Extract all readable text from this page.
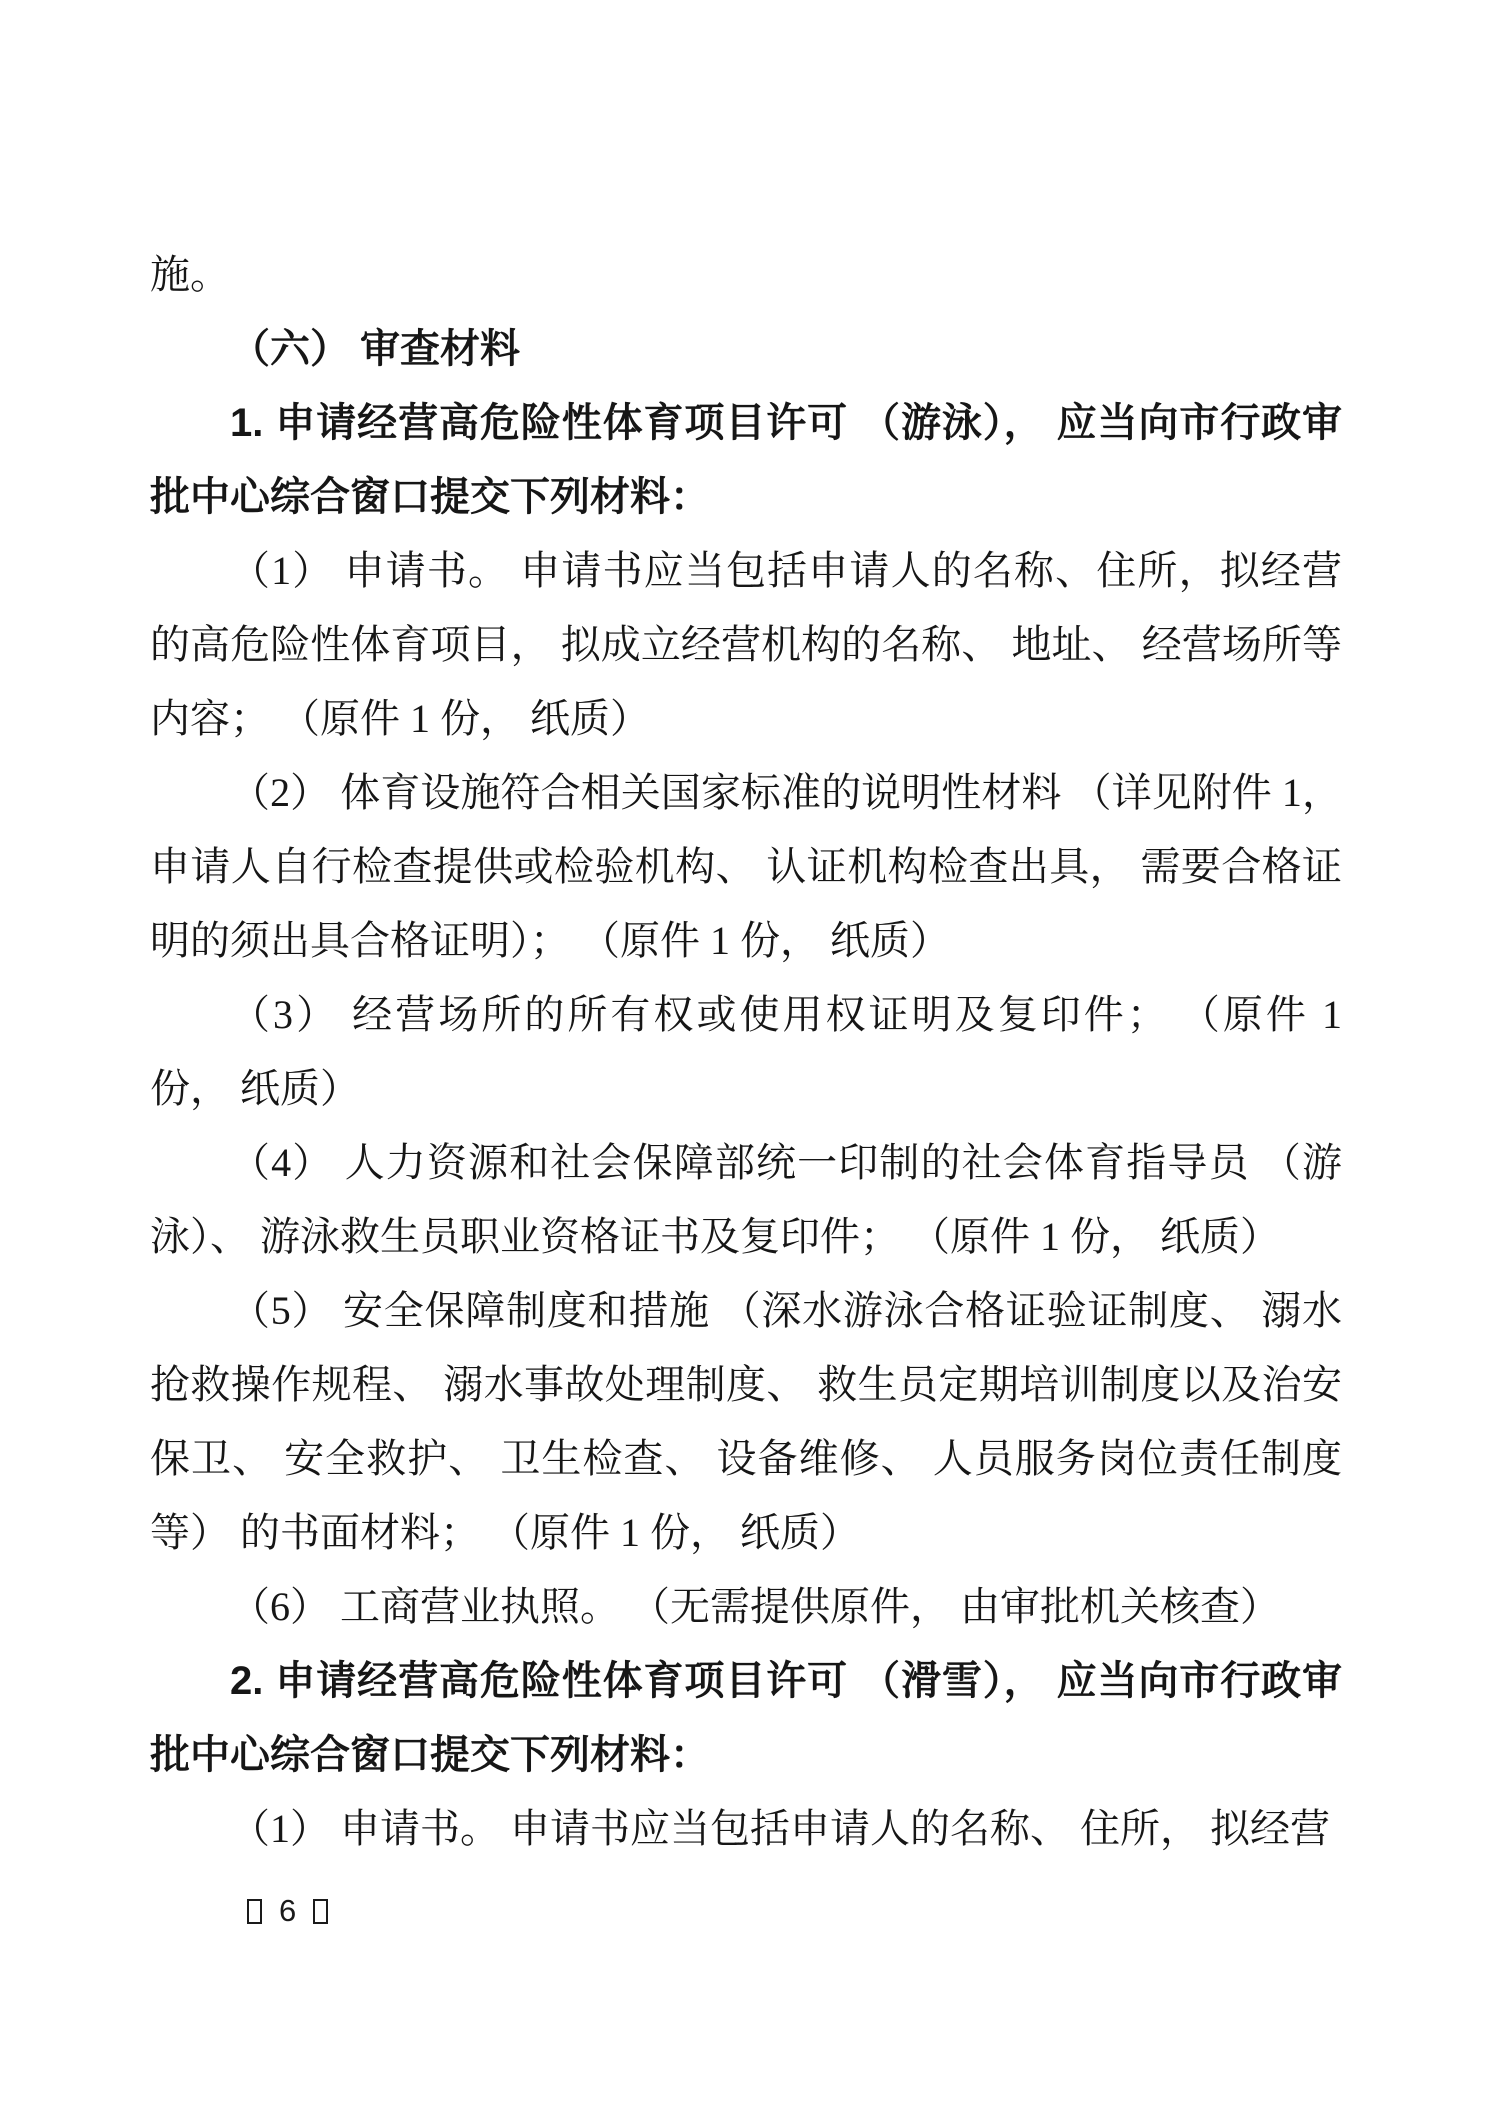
施。

（六） 审查材料

1. 申请经营高危险性体育项目许可 （游泳）， 应当向市行政审批中心综合窗口提交下列材料：

（1） 申请书。 申请书应当包括申请人的名称、住所，拟经营的高危险性体育项目， 拟成立经营机构的名称、 地址、 经营场所等内容； （原件 1 份， 纸质）

（2） 体育设施符合相关国家标准的说明性材料 （详见附件 1， 申请人自行检查提供或检验机构、 认证机构检查出具， 需要合格证明的须出具合格证明）； （原件 1 份， 纸质）

（3） 经营场所的所有权或使用权证明及复印件； （原件 1 份， 纸质）

（4） 人力资源和社会保障部统一印制的社会体育指导员 （游泳）、 游泳救生员职业资格证书及复印件； （原件 1 份， 纸质）

（5） 安全保障制度和措施 （深水游泳合格证验证制度、 溺水抢救操作规程、 溺水事故处理制度、 救生员定期培训制度以及治安保卫、 安全救护、 卫生检查、 设备维修、 人员服务岗位责任制度等） 的书面材料； （原件 1 份， 纸质）

（6） 工商营业执照。 （无需提供原件， 由审批机关核查）

2. 申请经营高危险性体育项目许可 （滑雪）， 应当向市行政审批中心综合窗口提交下列材料：

（1） 申请书。 申请书应当包括申请人的名称、 住所， 拟经营

6
